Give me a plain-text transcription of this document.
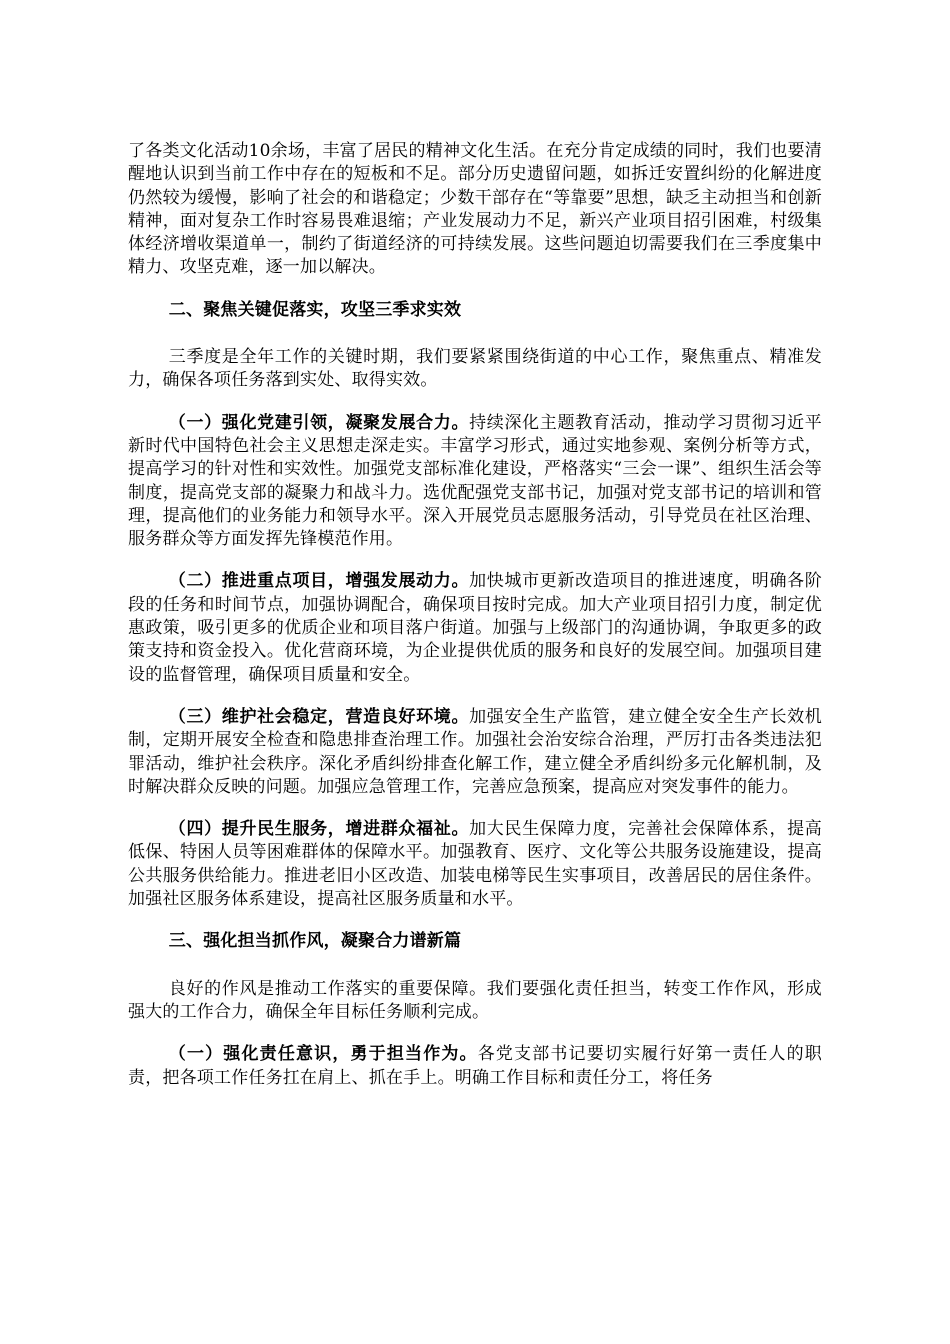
了各类文化活动10余场，丰富了居民的精神文化生活。在充分肯定成绩的同时，我们也要清醒地认识到当前工作中存在的短板和不足。部分历史遗留问题，如拆迁安置纠纷的化解进度仍然较为缓慢，影响了社会的和谐稳定；少数干部存在“等靠要”思想，缺乏主动担当和创新精神，面对复杂工作时容易畏难退缩；产业发展动力不足，新兴产业项目招引困难，村级集体经济增收渠道单一，制约了街道经济的可持续发展。这些问题迫切需要我们在三季度集中精力、攻坚克难，逐一加以解决。

二、聚焦关键促落实，攻坚三季求实效

三季度是全年工作的关键时期，我们要紧紧围绕街道的中心工作，聚焦重点、精准发力，确保各项任务落到实处、取得实效。

（一）强化党建引领，凝聚发展合力。持续深化主题教育活动，推动学习贯彻习近平新时代中国特色社会主义思想走深走实。丰富学习形式，通过实地参观、案例分析等方式，提高学习的针对性和实效性。加强党支部标准化建设，严格落实“三会一课”、组织生活会等制度，提高党支部的凝聚力和战斗力。选优配强党支部书记，加强对党支部书记的培训和管理，提高他们的业务能力和领导水平。深入开展党员志愿服务活动，引导党员在社区治理、服务群众等方面发挥先锋模范作用。

（二）推进重点项目，增强发展动力。加快城市更新改造项目的推进速度，明确各阶段的任务和时间节点，加强协调配合，确保项目按时完成。加大产业项目招引力度，制定优惠政策，吸引更多的优质企业和项目落户街道。加强与上级部门的沟通协调，争取更多的政策支持和资金投入。优化营商环境，为企业提供优质的服务和良好的发展空间。加强项目建设的监督管理，确保项目质量和安全。

（三）维护社会稳定，营造良好环境。加强安全生产监管，建立健全安全生产长效机制，定期开展安全检查和隐患排查治理工作。加强社会治安综合治理，严厉打击各类违法犯罪活动，维护社会秩序。深化矛盾纠纷排查化解工作，建立健全矛盾纠纷多元化解机制，及时解决群众反映的问题。加强应急管理工作，完善应急预案，提高应对突发事件的能力。

（四）提升民生服务，增进群众福祉。加大民生保障力度，完善社会保障体系，提高低保、特困人员等困难群体的保障水平。加强教育、医疗、文化等公共服务设施建设，提高公共服务供给能力。推进老旧小区改造、加装电梯等民生实事项目，改善居民的居住条件。加强社区服务体系建设，提高社区服务质量和水平。

三、强化担当抓作风，凝聚合力谱新篇

良好的作风是推动工作落实的重要保障。我们要强化责任担当，转变工作作风，形成强大的工作合力，确保全年目标任务顺利完成。

（一）强化责任意识，勇于担当作为。各党支部书记要切实履行好第一责任人的职责，把各项工作任务扛在肩上、抓在手上。明确工作目标和责任分工，将任务
